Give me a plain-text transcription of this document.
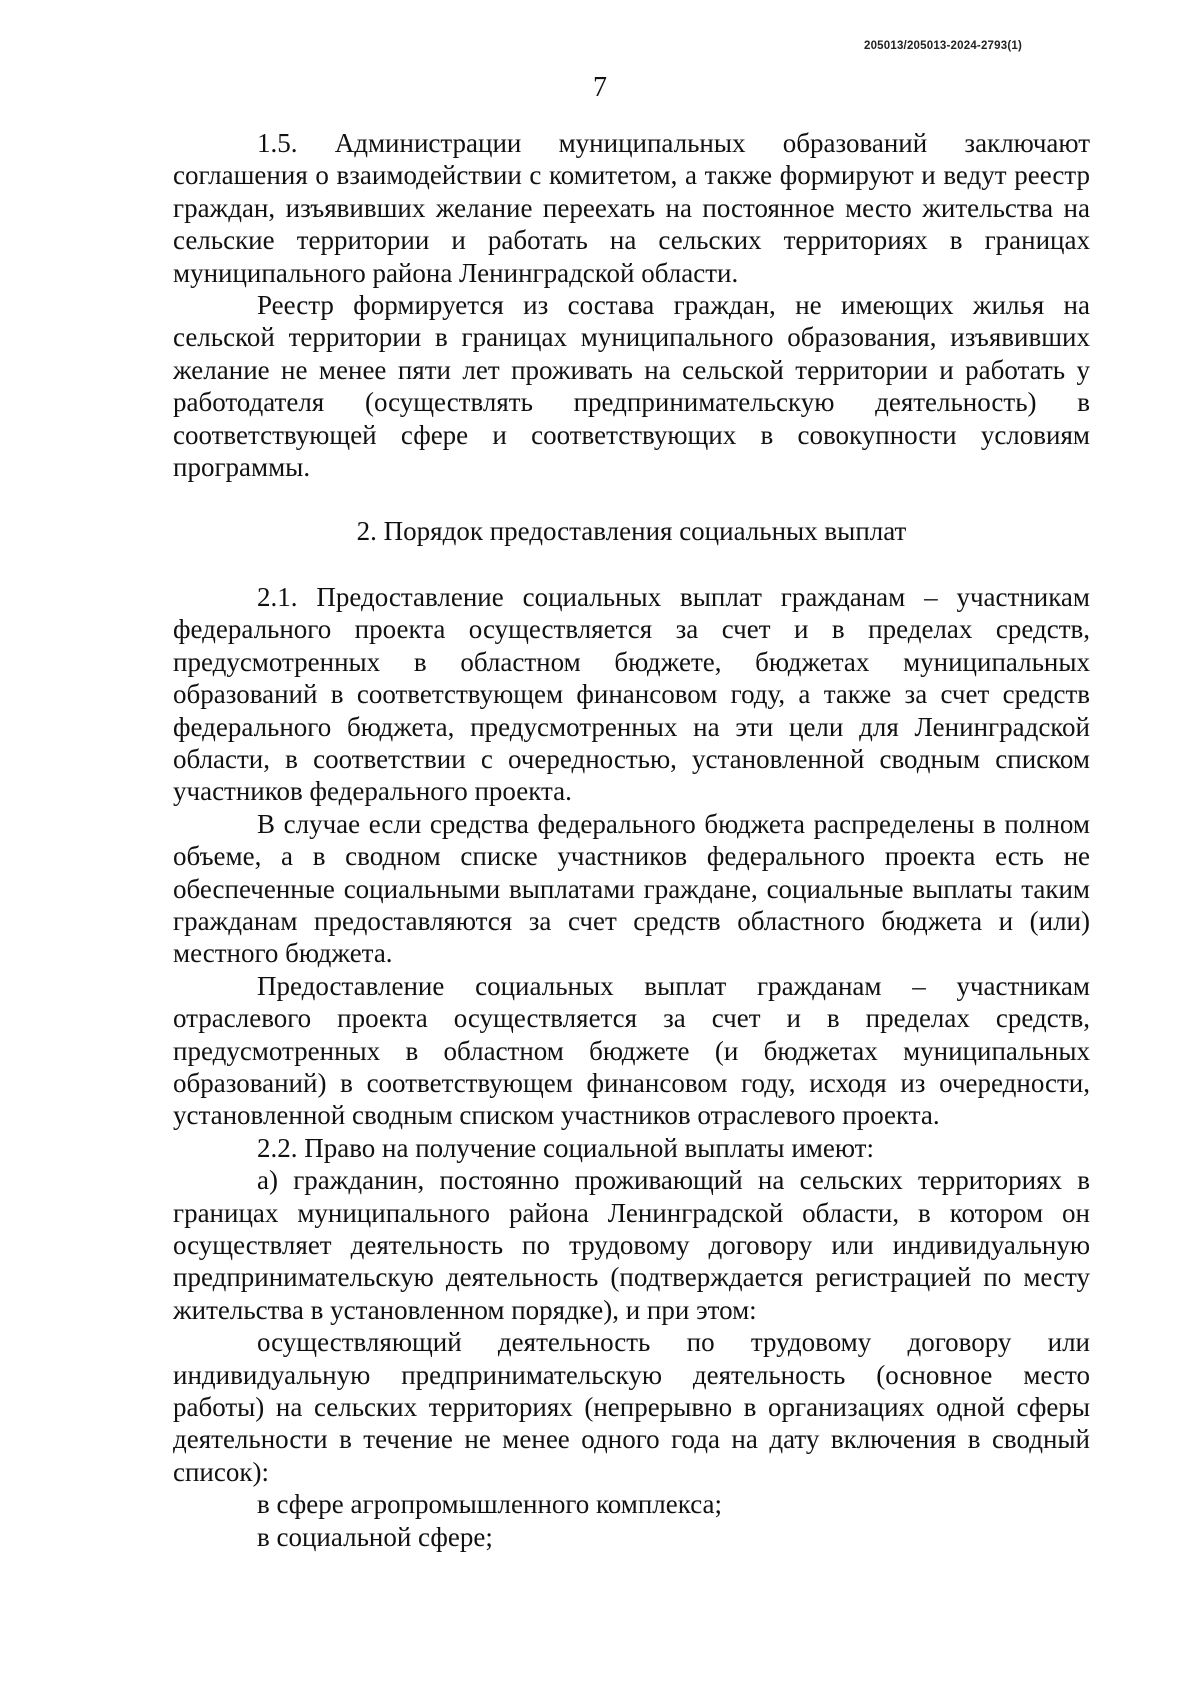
205013/205013-2024-2793(1)
7

1.5. Администрации муниципальных образований заключают соглашения о взаимодействии с комитетом, а также формируют и ведут реестр граждан, изъявивших желание переехать на постоянное место жительства на сельские территории и работать на сельских территориях в границах муниципального района Ленинградской области.

Реестр формируется из состава граждан, не имеющих жилья на сельской территории в границах муниципального образования, изъявивших желание не менее пяти лет проживать на сельской территории и работать у работодателя (осуществлять предпринимательскую деятельность) в соответствующей сфере и соответствующих в совокупности условиям программы.

2. Порядок предоставления социальных выплат

2.1. Предоставление социальных выплат гражданам – участникам федерального проекта осуществляется за счет и в пределах средств, предусмотренных в областном бюджете, бюджетах муниципальных образований в соответствующем финансовом году, а также за счет средств федерального бюджета, предусмотренных на эти цели для Ленинградской области, в соответствии с очередностью, установленной сводным списком участников федерального проекта.

В случае если средства федерального бюджета распределены в полном объеме, а в сводном списке участников федерального проекта есть не обеспеченные социальными выплатами граждане, социальные выплаты таким гражданам предоставляются за счет средств областного бюджета и (или) местного бюджета.

Предоставление социальных выплат гражданам – участникам отраслевого проекта осуществляется за счет и в пределах средств, предусмотренных в областном бюджете (и бюджетах муниципальных образований) в соответствующем финансовом году, исходя из очередности, установленной сводным списком участников отраслевого проекта.

2.2. Право на получение социальной выплаты имеют:

а) гражданин, постоянно проживающий на сельских территориях в границах муниципального района Ленинградской области, в котором он осуществляет деятельность по трудовому договору или индивидуальную предпринимательскую деятельность (подтверждается регистрацией по месту жительства в установленном порядке), и при этом:

осуществляющий деятельность по трудовому договору или индивидуальную предпринимательскую деятельность (основное место работы) на сельских территориях (непрерывно в организациях одной сферы деятельности в течение не менее одного года на дату включения в сводный список):

в сфере агропромышленного комплекса;

в социальной сфере;
